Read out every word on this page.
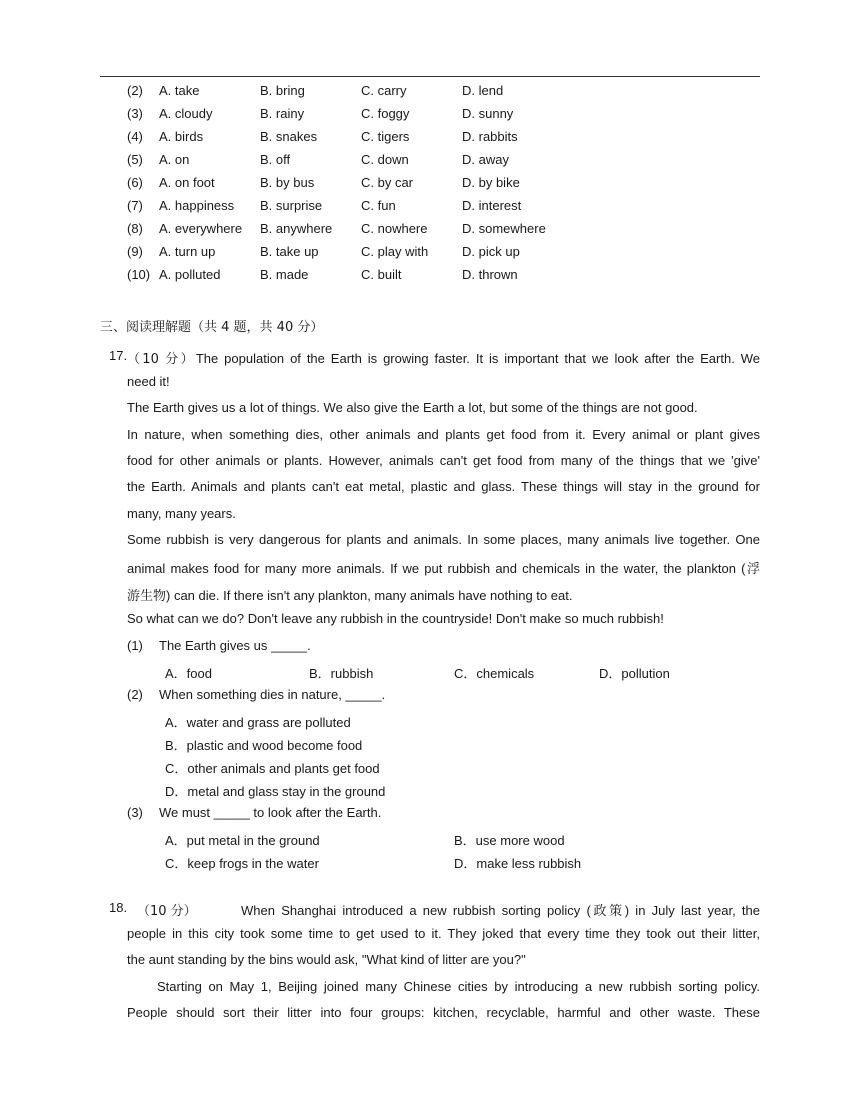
(2) A. take	B. bring	C. carry	D. lend
(3) A. cloudy	B. rainy	C. foggy	D. sunny
(4) A. birds	B. snakes	C. tigers	D. rabbits
(5) A. on	B. off	C. down	D. away
(6) A. on foot	B. by bus	C. by car	D. by bike
(7) A. happiness B. surprise	C. fun	D. interest
(8) A. everywhere B. anywhere C. nowhere	D. somewhere
(9) A. turn up	B. take up	C. play with	D. pick up
(10) A. polluted	B. made	C. built	D. thrown
三、阅读理解题（共 4 题，共 40 分）
17. （10 分）The population of the Earth is growing faster. It is important that we look after the Earth. We
need it!
The Earth gives us a lot of things. We also give the Earth a lot, but some of the things are not good.
In nature, when something dies, other animals and plants get food from it. Every animal or plant gives
food for other animals or plants. However, animals can't get food from many of the things that we 'give'
the Earth. Animals and plants can't eat metal, plastic and glass. These things will stay in the ground for
many, many years.
Some rubbish is very dangerous for plants and animals. In some places, many animals live together. One
animal makes food for many more animals. If we put rubbish and chemicals in the water, the plankton (浮
游生物) can die. If there isn't any plankton, many animals have nothing to eat.
So what can we do? Don't leave any rubbish in the countryside! Don't make so much rubbish!
(1) The Earth gives us _____.
A．food	B．rubbish	C．chemicals	D．pollution
(2) When something dies in nature, _____.
A．water and grass are polluted
B．plastic and wood become food
C．other animals and plants get food
D．metal and glass stay in the ground
(3) We must _____ to look after the Earth.
A．put metal in the ground	B．use more wood
C．keep frogs in the water	D．make less rubbish
18. （10 分）	When Shanghai introduced a new rubbish sorting policy (政策) in July last year, the
people in this city took some time to get used to it. They joked that every time they took out their litter,
the aunt standing by the bins would ask, "What kind of litter are you?"
Starting on May 1, Beijing joined many Chinese cities by introducing a new rubbish sorting policy.
People should sort their litter into four groups: kitchen, recyclable, harmful and other waste. These
